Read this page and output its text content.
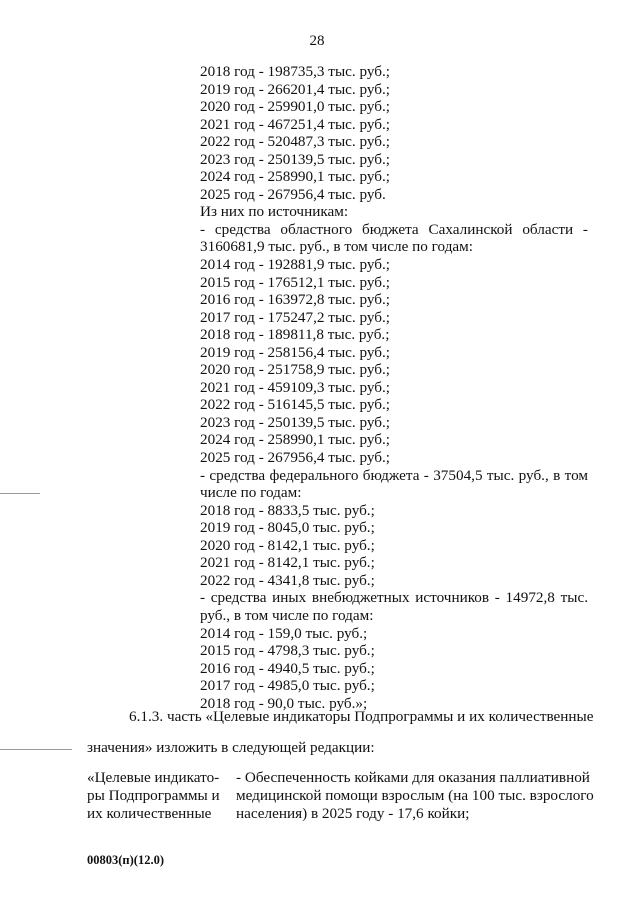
28
2018 год - 198735,3 тыс. руб.;
2019 год - 266201,4 тыс. руб.;
2020 год - 259901,0 тыс. руб.;
2021 год - 467251,4 тыс. руб.;
2022 год - 520487,3 тыс. руб.;
2023 год - 250139,5 тыс. руб.;
2024 год - 258990,1 тыс. руб.;
2025 год - 267956,4 тыс. руб.
Из них по источникам:
- средства областного бюджета Сахалинской области -
3160681,9 тыс. руб., в том числе по годам:
2014 год - 192881,9 тыс. руб.;
2015 год - 176512,1 тыс. руб.;
2016 год - 163972,8 тыс. руб.;
2017 год - 175247,2 тыс. руб.;
2018 год - 189811,8 тыс. руб.;
2019 год - 258156,4 тыс. руб.;
2020 год - 251758,9 тыс. руб.;
2021 год - 459109,3 тыс. руб.;
2022 год - 516145,5 тыс. руб.;
2023 год - 250139,5 тыс. руб.;
2024 год - 258990,1 тыс. руб.;
2025 год - 267956,4 тыс. руб.;
- средства федерального бюджета - 37504,5 тыс. руб., в том
числе по годам:
2018 год - 8833,5 тыс. руб.;
2019 год - 8045,0 тыс. руб.;
2020 год - 8142,1 тыс. руб.;
2021 год - 8142,1 тыс. руб.;
2022 год - 4341,8 тыс. руб.;
- средства иных внебюджетных источников - 14972,8 тыс.
руб., в том числе по годам:
2014 год - 159,0 тыс. руб.;
2015 год - 4798,3 тыс. руб.;
2016 год - 4940,5 тыс. руб.;
2017 год - 4985,0 тыс. руб.;
2018 год - 90,0 тыс. руб.»;
6.1.3. часть «Целевые индикаторы Подпрограммы и их количественные
значения» изложить в следующей редакции:
«Целевые индикато-
ры Подпрограммы и
их количественные
- Обеспеченность койками для оказания паллиативной
медицинской помощи взрослым (на 100 тыс. взрослого
населения) в 2025 году - 17,6 койки;
00803(п)(12.0)
